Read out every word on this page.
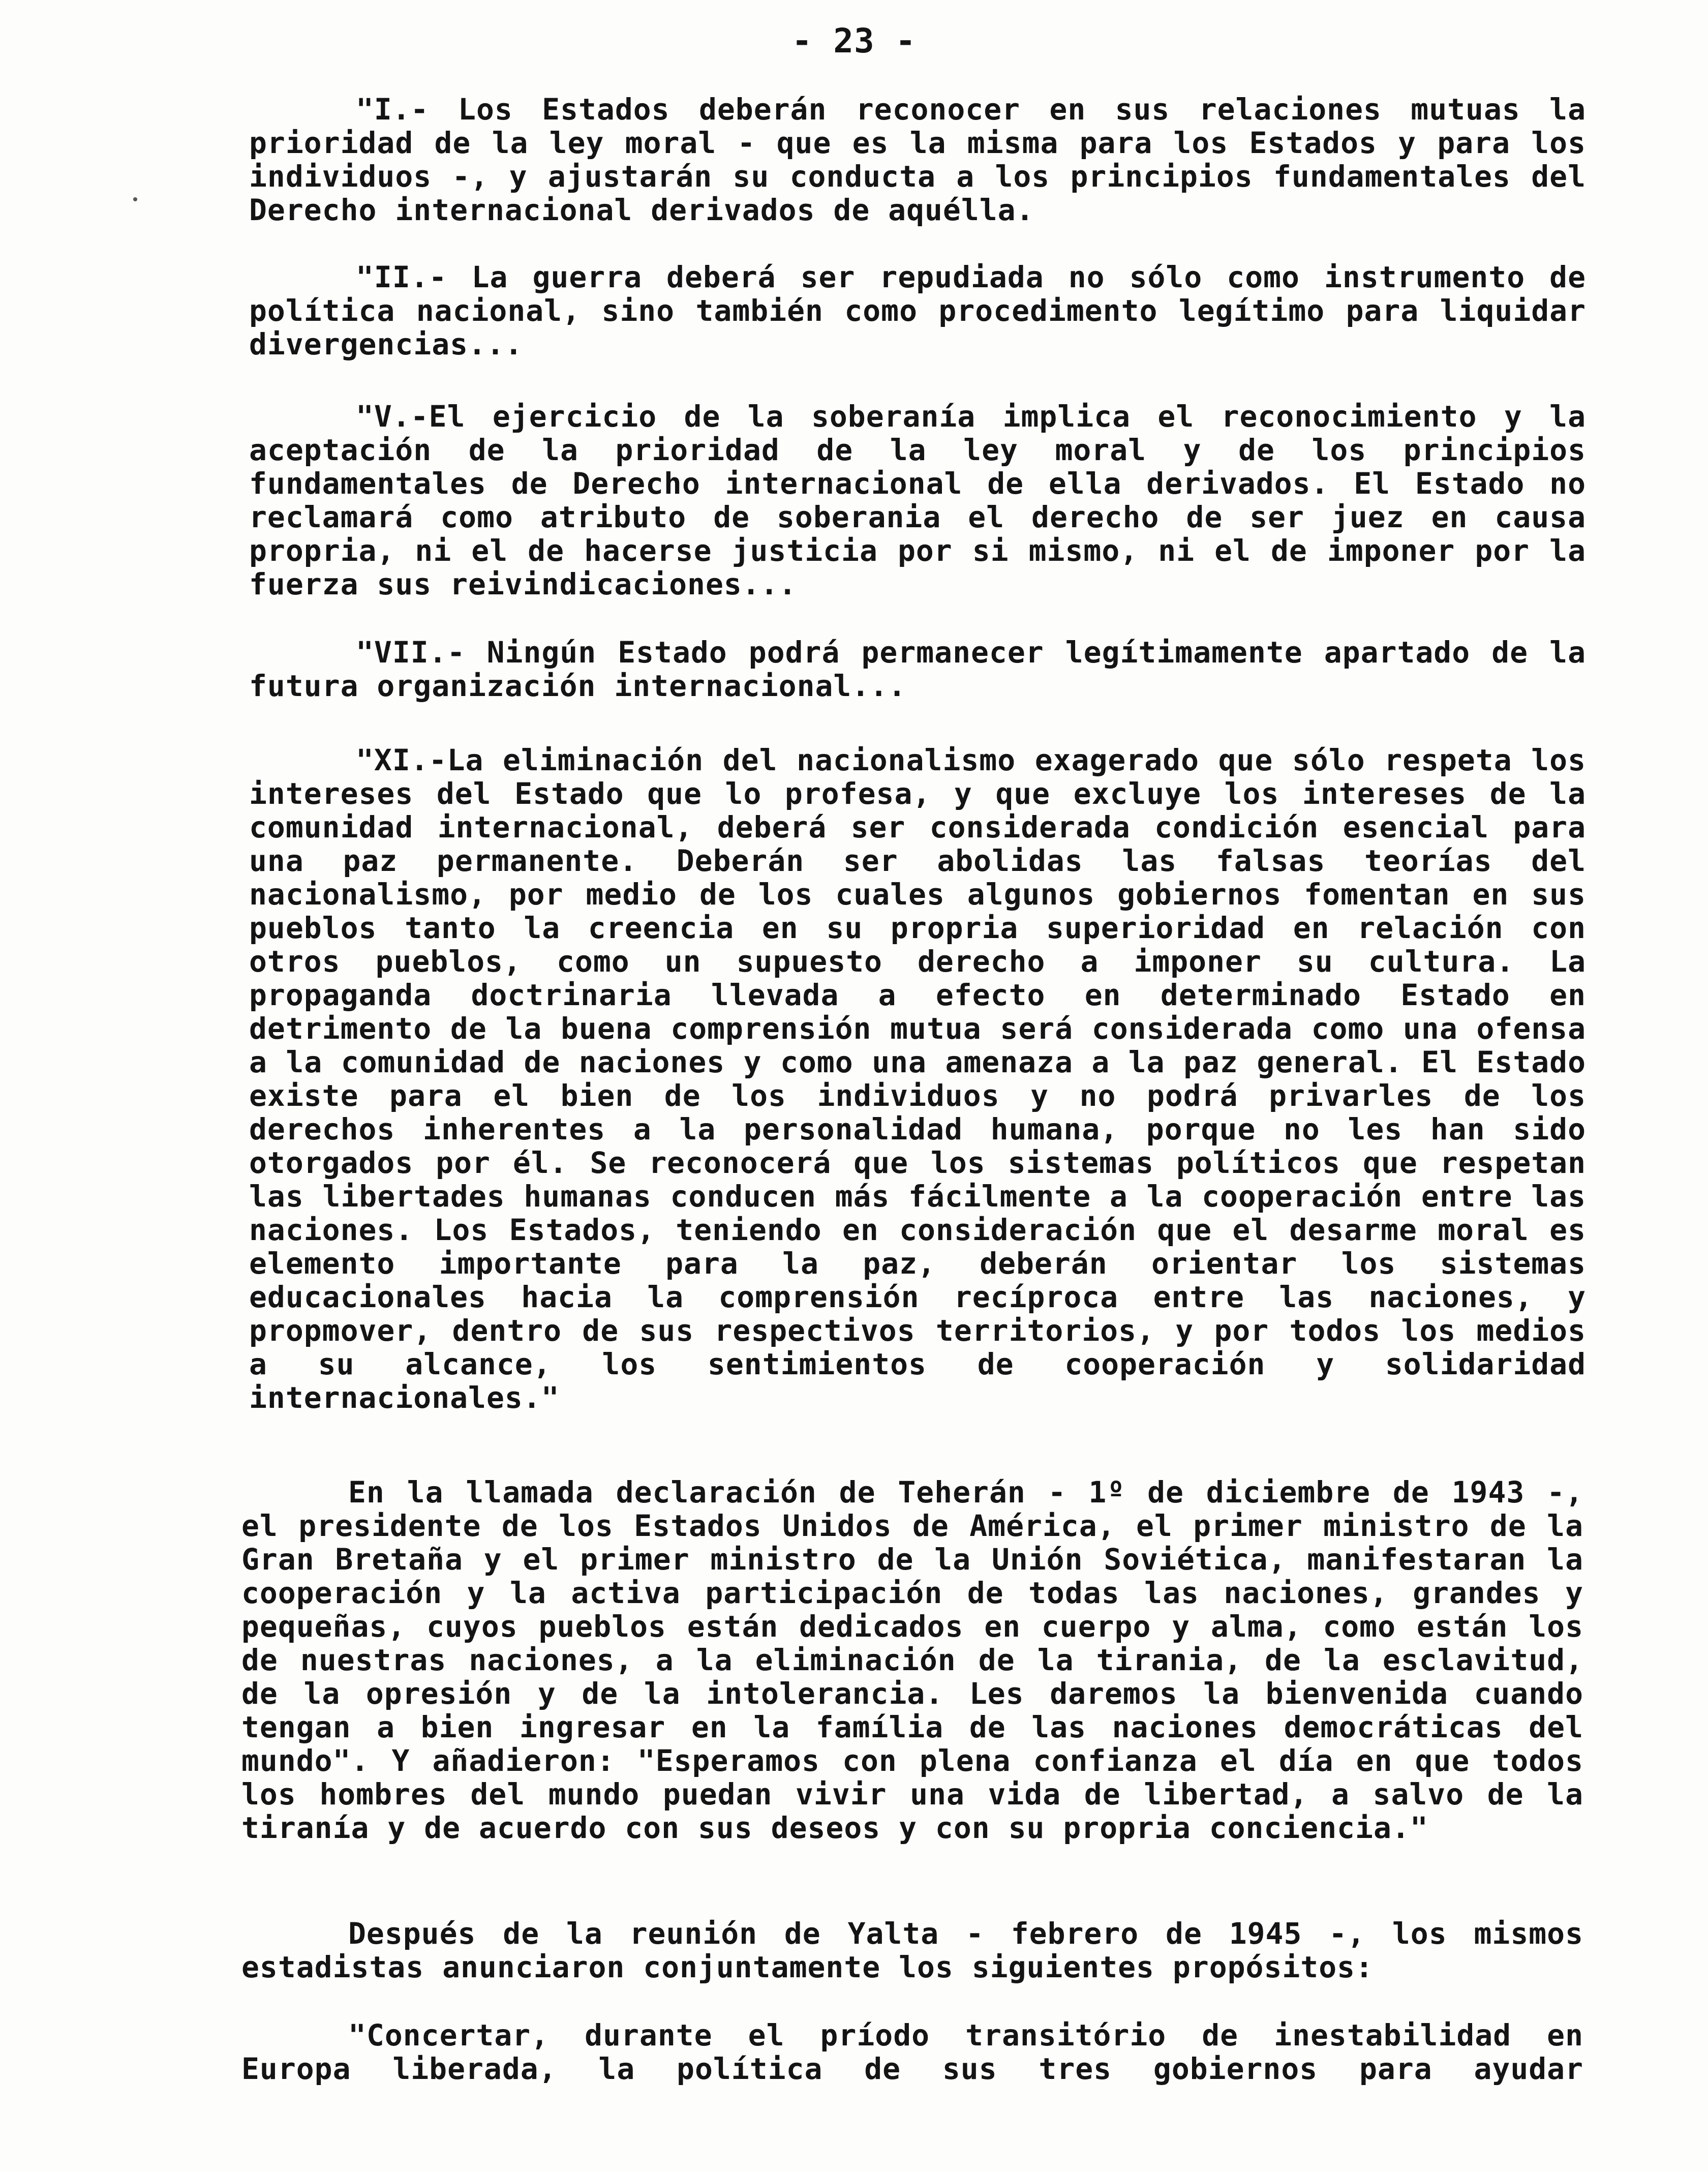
- 23 -

"I.- Los Estados deberán reconocer en sus relaciones mutuas la prioridad de la ley moral - que es la misma para los Estados y para los individuos -, y ajustarán su conducta a los principios fundamentales del Derecho internacional derivados de aquélla.

"II.- La guerra deberá ser repudiada no sólo como instrumento de política nacional, sino también como procedimento legítimo para liquidar divergencias...

"V.-El ejercicio de la soberanía implica el reconocimiento y la aceptación de la prioridad de la ley moral y de los principios fundamentales de Derecho internacional de ella derivados. El Estado no reclamará como atributo de soberania el derecho de ser juez en causa propria, ni el de hacerse justicia por si mismo, ni el de imponer por la fuerza sus reivindicaciones...

"VII.- Ningún Estado podrá permanecer legítimamente apartado de la futura organización internacional...

"XI.-La eliminación del nacionalismo exagerado que sólo respeta los intereses del Estado que lo profesa, y que excluye los intereses de la comunidad internacional, deberá ser considerada condición esencial para una paz permanente. Deberán ser abolidas las falsas teorías del nacionalismo, por medio de los cuales algunos gobiernos fomentan en sus pueblos tanto la creencia en su propria superioridad en relación con otros pueblos, como un supuesto derecho a imponer su cultura. La propaganda doctrinaria llevada a efecto en determinado Estado en detrimento de la buena comprensión mutua será considerada como una ofensa a la comunidad de naciones y como una amenaza a la paz general. El Estado existe para el bien de los individuos y no podrá privarles de los derechos inherentes a la personalidad humana, porque no les han sido otorgados por él. Se reconocerá que los sistemas políticos que respetan las libertades humanas conducen más fácilmente a la cooperación entre las naciones. Los Estados, teniendo en consideración que el desarme moral es elemento importante para la paz, deberán orientar los sistemas educacionales hacia la comprensión recíproca entre las naciones, y propmover, dentro de sus respectivos territorios, y por todos los medios a su alcance, los sentimientos de cooperación y solidaridad internacionales."

En la llamada declaración de Teherán - 1º de diciembre de 1943 -, el presidente de los Estados Unidos de América, el primer ministro de la Gran Bretaña y el primer ministro de la Unión Soviética, manifestaran la cooperación y la activa participación de todas las naciones, grandes y pequeñas, cuyos pueblos están dedicados en cuerpo y alma, como están los de nuestras naciones, a la eliminación de la tirania, de la esclavitud, de la opresión y de la intolerancia. Les daremos la bienvenida cuando tengan a bien ingresar en la família de las naciones democráticas del mundo". Y añadieron: "Esperamos con plena confianza el día en que todos los hombres del mundo puedan vivir una vida de libertad, a salvo de la tiranía y de acuerdo con sus deseos y con su propria conciencia."

Después de la reunión de Yalta - febrero de 1945 -, los mismos estadistas anunciaron conjuntamente los siguientes propósitos:

"Concertar, durante el príodo transitório de inestabilidad en Europa liberada, la política de sus tres gobiernos para ayudar
